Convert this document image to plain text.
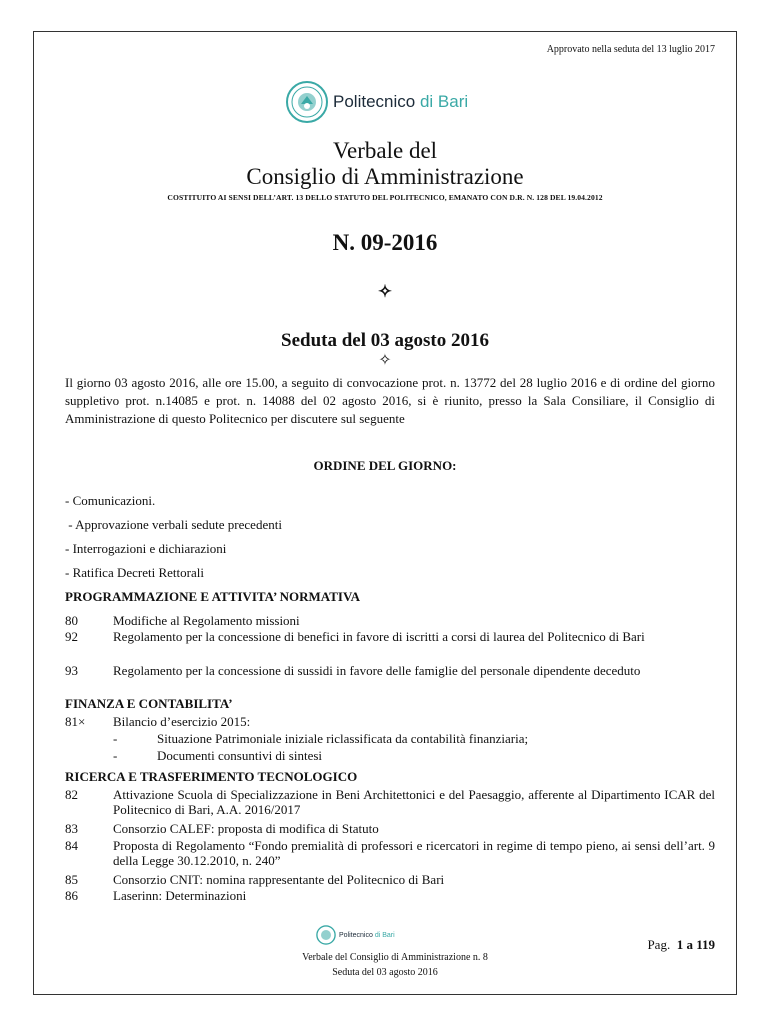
Approvato nella seduta del 13 luglio 2017
Politecnico di Bari
Verbale del
Consiglio di Amministrazione
COSTITUITO AI SENSI DELL’ART. 13 DELLO STATUTO DEL POLITECNICO, EMANATO CON D.R. N. 128 DEL 19.04.2012
N. 09-2016
✧
Seduta del 03 agosto 2016
✧
Il giorno 03 agosto 2016, alle ore 15.00, a seguito di convocazione prot. n. 13772 del 28 luglio 2016 e di ordine del giorno suppletivo prot. n.14085 e prot. n. 14088 del 02 agosto 2016, si è riunito, presso la Sala Consiliare, il Consiglio di Amministrazione di questo Politecnico per discutere sul seguente
ORDINE DEL GIORNO:
- Comunicazioni.
- Approvazione verbali sedute precedenti
- Interrogazioni e dichiarazioni
- Ratifica Decreti Rettorali
PROGRAMMAZIONE E ATTIVITA’ NORMATIVA
80	Modifiche al Regolamento missioni
92	Regolamento per la concessione di benefici in favore di iscritti a corsi di laurea del Politecnico di Bari
93	Regolamento per la concessione di sussidi in favore delle famiglie del personale dipendente deceduto
FINANZA E CONTABILITA’
81× Bilancio d’esercizio 2015:
-	Situazione Patrimoniale iniziale riclassificata da contabilità finanziaria;
-	Documenti consuntivi di sintesi
RICERCA E TRASFERIMENTO TECNOLOGICO
82	Attivazione Scuola di Specializzazione in Beni Architettonici e del Paesaggio, afferente al Dipartimento ICAR del Politecnico di Bari, A.A. 2016/2017
83	Consorzio CALEF: proposta di modifica di Statuto
84	Proposta di Regolamento “Fondo premialità di professori e ricercatori in regime di tempo pieno, ai sensi dell’art. 9 della Legge 30.12.2010, n. 240”
85	Consorzio CNIT: nomina rappresentante del Politecnico di Bari
86	Laserinn: Determinazioni
Politecnico di Bari
Pag. 1 a 119
Verbale del Consiglio di Amministrazione n. 8
Seduta del 03 agosto 2016
